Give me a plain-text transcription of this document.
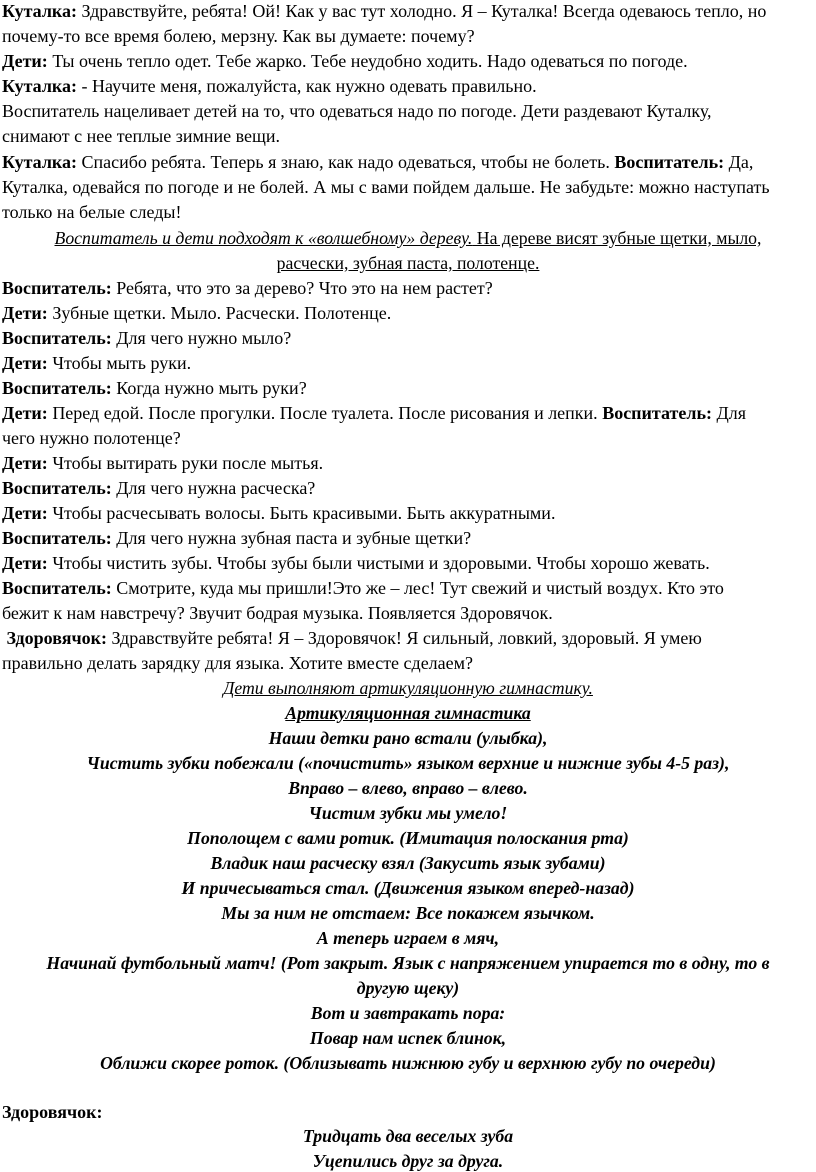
Куталка: Здравствуйте, ребята! Ой! Как у вас тут холодно. Я – Куталка! Всегда одеваюсь тепло, но
почему-то все время болею, мерзну. Как вы думаете: почему?
Дети: Ты очень тепло одет. Тебе жарко. Тебе неудобно ходить. Надо одеваться по погоде.
Куталка: - Научите меня, пожалуйста, как нужно одевать правильно.
Воспитатель нацеливает детей на то, что одеваться надо по погоде. Дети раздевают Куталку,
снимают с нее теплые зимние вещи.
Куталка: Спасибо ребята. Теперь я знаю, как надо одеваться, чтобы не болеть. Воспитатель: Да,
Куталка, одевайся по погоде и не болей. А мы с вами пойдем дальше. Не забудьте: можно наступать
только на белые следы!
Воспитатель и дети подходят к «волшебному» дереву. На дереве висят зубные щетки, мыло,
расчески, зубная паста, полотенце.
Воспитатель: Ребята, что это за дерево? Что это на нем растет?
Дети: Зубные щетки. Мыло. Расчески. Полотенце.
Воспитатель: Для чего нужно мыло?
Дети: Чтобы мыть руки.
Воспитатель: Когда нужно мыть руки?
Дети: Перед едой. После прогулки. После туалета. После рисования и лепки. Воспитатель: Для
чего нужно полотенце?
Дети: Чтобы вытирать руки после мытья.
Воспитатель: Для чего нужна расческа?
Дети: Чтобы расчесывать волосы. Быть красивыми. Быть аккуратными.
Воспитатель: Для чего нужна зубная паста и зубные щетки?
Дети: Чтобы чистить зубы. Чтобы зубы были чистыми и здоровыми. Чтобы хорошо жевать.
Воспитатель: Смотрите, куда мы пришли!Это же – лес! Тут свежий и чистый воздух. Кто это
бежит к нам навстречу? Звучит бодрая музыка. Появляется Здоровячок.
Здоровячок: Здравствуйте ребята! Я – Здоровячок! Я сильный, ловкий, здоровый. Я умею
правильно делать зарядку для языка. Хотите вместе сделаем?
Дети выполняют артикуляционную гимнастику.
Артикуляционная гимнастика
Наши детки рано встали (улыбка),
Чистить зубки побежали («почистить» языком верхние и нижние зубы 4-5 раз),
Вправо – влево, вправо – влево.
Чистим зубки мы умело!
Пополощем с вами ротик. (Имитация полоскания рта)
Владик наш расческу взял (Закусить язык зубами)
И причесываться стал. (Движения языком вперед-назад)
Мы за ним не отстаем: Все покажем язычком.
А теперь играем в мяч,
Начинай футбольный матч! (Рот закрыт. Язык с напряжением упирается то в одну, то в
другую щеку)
Вот и завтракать пора:
Повар нам испек блинок,
Оближи скорее роток. (Облизывать нижнюю губу и верхнюю губу по очереди)
Здоровячок:
Тридцать два веселых зуба
Уцепились друг за друга.
